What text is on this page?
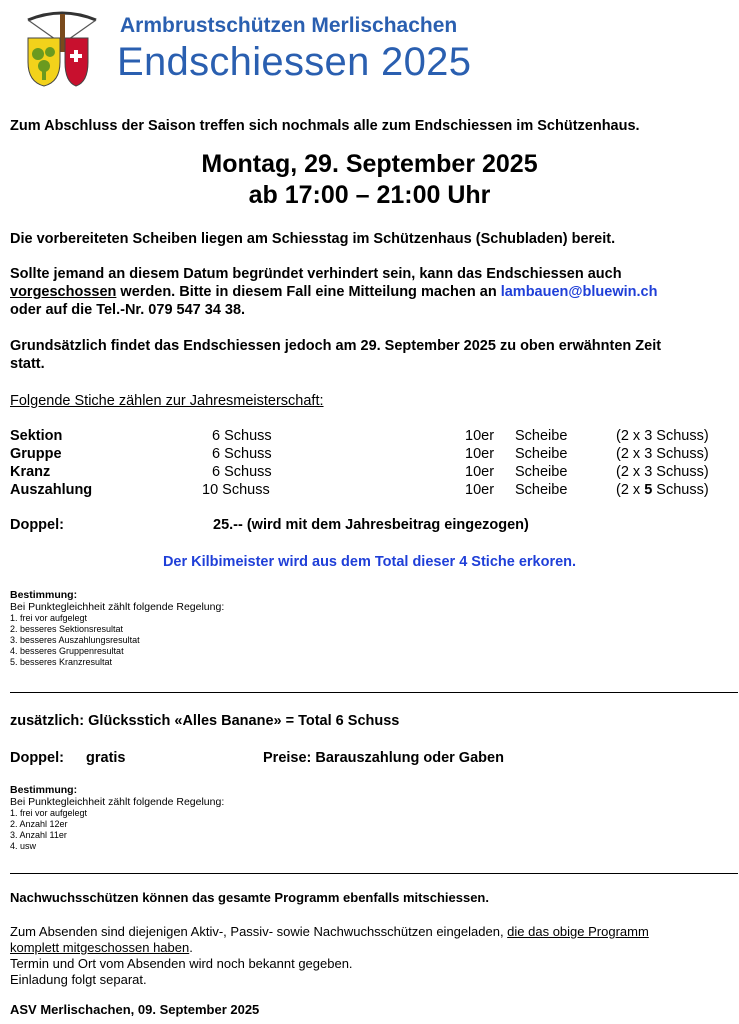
Armbrustschützen Merlischachen
Endschiessen 2025
Zum Abschluss der Saison treffen sich nochmals alle zum Endschiessen im Schützenhaus.
Montag, 29. September 2025
ab 17:00 – 21:00 Uhr
Die vorbereiteten Scheiben liegen am Schiesstag im Schützenhaus (Schubladen) bereit.
Sollte jemand an diesem Datum begründet verhindert sein, kann das Endschiessen auch
vorgeschossen werden. Bitte in diesem Fall eine Mitteilung machen an lambauen@bluewin.ch
oder auf die Tel.-Nr. 079 547 34 38.
Grundsätzlich findet das Endschiessen jedoch am 29. September 2025 zu oben erwähnten Zeit
statt.
Folgende Stiche zählen zur Jahresmeisterschaft:
Sektion	6 Schuss	10er Scheibe	(2 x 3 Schuss)
Gruppe	6 Schuss	10er Scheibe	(2 x 3 Schuss)
Kranz	6 Schuss	10er Scheibe	(2 x 3 Schuss)
Auszahlung	10 Schuss	10er Scheibe	(2 x 5 Schuss)
Doppel:	25.-- (wird mit dem Jahresbeitrag eingezogen)
Der Kilbimeister wird aus dem Total dieser 4 Stiche erkoren.
Bestimmung:
Bei Punktegleichheit zählt folgende Regelung:
1. frei vor aufgelegt
2. besseres Sektionsresultat
3. besseres Auszahlungsresultat
4. besseres Gruppenresultat
5. besseres Kranzresultat
zusätzlich: Glücksstich «Alles Banane» = Total 6 Schuss
Doppel: gratis	Preise: Barauszahlung oder Gaben
Bestimmung:
Bei Punktegleichheit zählt folgende Regelung:
1. frei vor aufgelegt
2. Anzahl 12er
3. Anzahl 11er
4. usw
Nachwuchsschützen können das gesamte Programm ebenfalls mitschiessen.
Zum Absenden sind diejenigen Aktiv-, Passiv- sowie Nachwuchsschützen eingeladen, die das obige Programm
komplett mitgeschossen haben.
Termin und Ort vom Absenden wird noch bekannt gegeben.
Einladung folgt separat.
ASV Merlischachen, 09. September 2025
